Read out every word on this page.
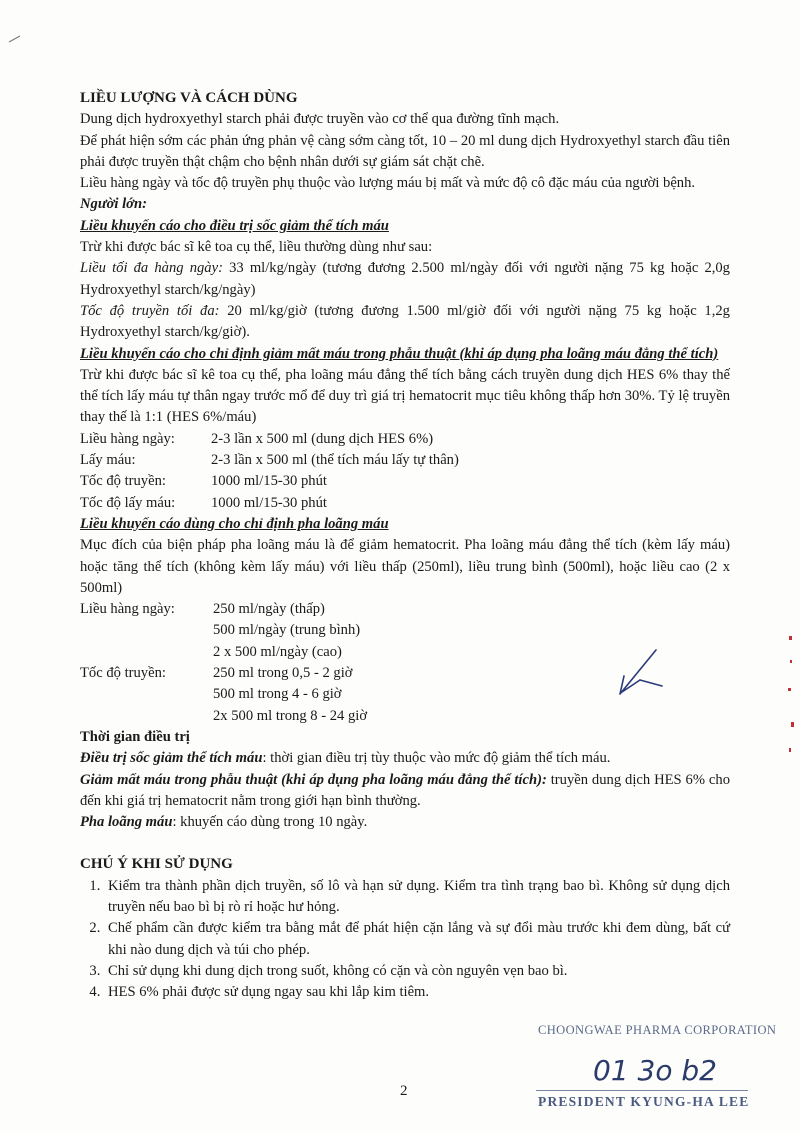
LIỀU LƯỢNG VÀ CÁCH DÙNG

Dung dịch hydroxyethyl starch phải được truyền vào cơ thể qua đường tĩnh mạch.

Để phát hiện sớm các phản ứng phản vệ càng sớm càng tốt, 10 – 20 ml dung dịch Hydroxyethyl starch đầu tiên phải được truyền thật chậm cho bệnh nhân dưới sự giám sát chặt chẽ.

Liều hàng ngày và tốc độ truyền phụ thuộc vào lượng máu bị mất và mức độ cô đặc máu của người bệnh.

Người lớn:

Liều khuyến cáo cho điều trị sốc giảm thể tích máu

Trừ khi được bác sĩ kê toa cụ thể, liều thường dùng như sau:

Liều tối đa hàng ngày: 33 ml/kg/ngày (tương đương 2.500 ml/ngày đối với người nặng 75 kg hoặc 2,0g Hydroxyethyl starch/kg/ngày)

Tốc độ truyền tối đa: 20 ml/kg/giờ (tương đương 1.500 ml/giờ đối với người nặng 75 kg hoặc 1,2g Hydroxyethyl starch/kg/giờ).

Liều khuyến cáo cho chỉ định giảm mất máu trong phẫu thuật (khi áp dụng pha loãng máu đẳng thể tích)

Trừ khi được bác sĩ kê toa cụ thể, pha loãng máu đẳng thể tích bằng cách truyền dung dịch HES 6% thay thế thể tích lấy máu tự thân ngay trước mổ để duy trì giá trị hematocrit mục tiêu không thấp hơn 30%. Tỷ lệ truyền thay thế là 1:1 (HES 6%/máu)

Liều hàng ngày:	2-3 lần x 500 ml (dung dịch HES 6%)
Lấy máu:	2-3 lần x 500 ml (thể tích máu lấy tự thân)
Tốc độ truyền:	1000 ml/15-30 phút
Tốc độ lấy máu:	1000 ml/15-30 phút

Liều khuyến cáo dùng cho chỉ định pha loãng máu

Mục đích của biện pháp pha loãng máu là để giảm hematocrit. Pha loãng máu đẳng thể tích (kèm lấy máu) hoặc tăng thể tích (không kèm lấy máu) với liều thấp (250ml), liều trung bình (500ml), hoặc liều cao (2 x 500ml)

Liều hàng ngày:	250 ml/ngày (thấp)
500 ml/ngày (trung bình)
2 x 500 ml/ngày (cao)
Tốc độ truyền:	250 ml trong 0,5 - 2 giờ
500 ml trong 4 - 6 giờ
2x 500 ml trong 8 - 24 giờ

Thời gian điều trị

Điều trị sốc giảm thể tích máu: thời gian điều trị tùy thuộc vào mức độ giảm thể tích máu.

Giảm mất máu trong phẫu thuật (khi áp dụng pha loãng máu đẳng thể tích): truyền dung dịch HES 6% cho đến khi giá trị hematocrit nằm trong giới hạn bình thường.

Pha loãng máu: khuyến cáo dùng trong 10 ngày.

CHÚ Ý KHI SỬ DỤNG
1. Kiểm tra thành phần dịch truyền, số lô và hạn sử dụng. Kiểm tra tình trạng bao bì. Không sử dụng dịch truyền nếu bao bì bị rò rỉ hoặc hư hỏng.
2. Chế phẩm cần được kiểm tra bằng mắt để phát hiện cặn lắng và sự đổi màu trước khi đem dùng, bất cứ khi nào dung dịch và túi cho phép.
3. Chỉ sử dụng khi dung dịch trong suốt, không có cặn và còn nguyên vẹn bao bì.
4. HES 6% phải được sử dụng ngay sau khi lắp kim tiêm.
2
CHOONGWAE PHARMA CORPORATION
01 3o b2
PRESIDENT KYUNG-HA LEE
